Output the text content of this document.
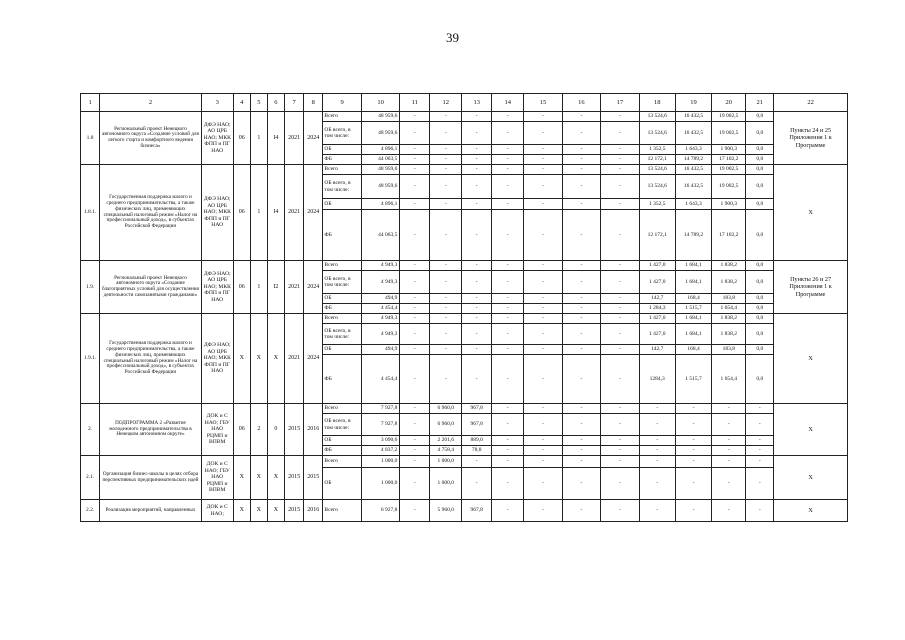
39
1	2	3	4	5	6	7	8	9	10	11	12	13	14	15	16	17	18	19	20	21	22
1.8	Региональный проект Ненецкого автономного округа «Создание условий для легкого старта и комфортного ведения бизнеса»	ДФЭ НАО; АО ЦРБ НАО; МКК ФПП и ПГ НАО	06	1	I4	2021	2024	Всего	48 959,6	-	-	-	-	-	-	-	13 524,6	16 432,5	19 002,5	0,0	Пункты 24 и 25 Приложения 1 к Программе
								ОБ всего, в том числе:	48 959,6	-	-	-	-	-	-	-	13 524,6	16 432,5	19 002,5	0,0	
								ОБ	4 896,1	-	-	-	-	-	-	-	1 352,5	1 643,3	1 900,3	0,0	
								ФБ	44 063,5	-	-	-	-	-	-	-	12 172,1	14 789,2	17 102,2	0,0	
1.8.1.	Государственная поддержка малого и среднего предпринимательства, а также физических лиц, применяющих специальный налоговый режим «Налог на профессиональный доход», в субъектах Российской Федерации	ДФЭ НАО; АО ЦРБ НАО; МКК ФПП и ПГ НАО	06	1	I4	2021	2024	Всего	48 959,6	-	-	-	-	-	-	-	13 524,6	16 432,5	19 002,5	0,0	X
								ОБ всего, в том числе:	48 959,6	-	-	-	-	-	-	-	13 524,6	16 432,5	19 002,5	0,0	
								ОБ	4 896,1	-	-	-	-	-	-	-	1 352,5	1 643,3	1 900,3	0,0	
								ФБ	44 063,5	-	-	-	-	-	-	-	12 172,1	14 789,2	17 102,2	0,0	
1.9.	Региональный проект Ненецкого автономного округа «Создание благоприятных условий для осуществления деятельности самозанятыми гражданами»	ДФЭ НАО; АО ЦРБ НАО; МКК ФПП и ПГ НАО	06	1	I2	2021	2024	Всего	4 949,3	-	-	-	-	-	-	-	1 427,0	1 684,1	1 838,2	0,0	Пункты 26 и 27 Приложения 1 к Программе
								ОБ всего, в том числе:	4 949,3	-	-	-	-	-	-	-	1 427,0	1 684,1	1 838,2	0,0	
								ОБ	494,9	-	-	-	-	-	-	-	142,7	168,4	183,8	0,0	
								ФБ	4 454,4	-	-	-	-	-	-	-	1 284,3	1 515,7	1 654,4	0,0	
1.9.1.	Государственная поддержка малого и среднего предпринимательства, а также физических лиц, применяющих специальный налоговый режим «Налог на профессиональный доход», в субъектах Российской Федерации	ДФЭ НАО; АО ЦРБ НАО; МКК ФПП и ПГ НАО	X	X	X	2021	2024	Всего	4 949,3	-	-	-	-	-	-	-	1 427,0	1 684,1	1 838,2	0,0	X
								ОБ всего, в том числе:	4 949,3	-	-	-	-	-	-	-	1 427,0	1 684,1	1 838,2	0,0	
								ОБ	494,9	-	-	-	-	-	-	-	142,7	168,4	183,8	0,0	
								ФБ	4 454,4	-	-	-	-	-	-	-	1284,3	1 515,7	1 654,4	0,0	
2.	ПОДПРОГРАММА 2 «Развитие молодежного предпринимательства в Ненецком автономном округе»	ДОК и С НАО; ГБУ НАО РЦМП и ВПВМ	06	2	0	2015	2016	Всего	7 927,8	-	6 960,0	967,8	-	-	-	-	-	-	-	-	X
								ОБ всего, в том числе:	7 927,8	-	6 960,0	967,8	-	-	-	-	-	-	-	-	
								ОБ	3 090,6	-	2 201,6	889,0	-	-	-	-	-	-	-	-	
								ФБ	4 837,2	-	4 758,4	78,8	-	-	-	-	-	-	-	-	
2.1.	Организация бизнес-школы в целях отбора перспективных предпринимательских идей	ДОК и С НАО; ГБУ НАО РЦМП и ВПВМ	X	X	X	2015	2015	Всего	1 000,0	-	1 000,0	-	-	-	-	-	-	-	-	-	X
								ОБ	1 000,0	-	1 000,0	-	-	-	-	-	-	-	-	-	
2.2.	Реализация мероприятий, направленных	ДОК и С НАО;	X	X	X	2015	2016	Всего	6 927,8	-	5 960,0	967,8	-	-	-	-	-	-	-	-	X
